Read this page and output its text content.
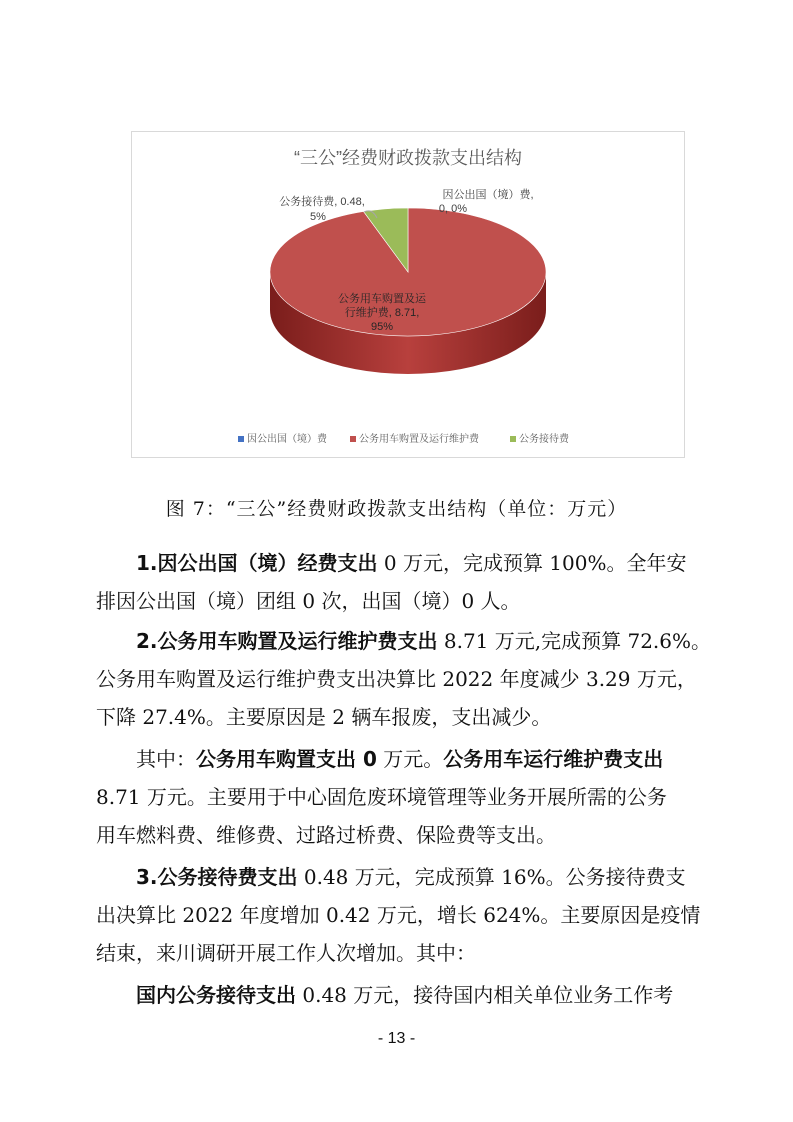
“三公”经费财政拨款支出结构
因公出国（境）费,
0, 0%
公务接待费, 0.48,
5%
公务用车购置及运
行维护费, 8.71,
95%
因公出国（境）费	公务用车购置及运行维护费	公务接待费
图 7：“三公”经费财政拨款支出结构（单位：万元）
1.因公出国（境）经费支出 0 万元，完成预算 100%。全年安
排因公出国（境）团组 0 次，出国（境）0 人。
2.公务用车购置及运行维护费支出 8.71 万元,完成预算 72.6%。
公务用车购置及运行维护费支出决算比 2022 年度减少 3.29 万元，
下降 27.4%。主要原因是 2 辆车报废，支出减少。
其中：公务用车购置支出 0 万元。公务用车运行维护费支出
8.71 万元。主要用于中心固危废环境管理等业务开展所需的公务
用车燃料费、维修费、过路过桥费、保险费等支出。
3.公务接待费支出 0.48 万元，完成预算 16%。公务接待费支
出决算比 2022 年度增加 0.42 万元，增长 624%。主要原因是疫情
结束，来川调研开展工作人次增加。其中：
国内公务接待支出 0.48 万元，接待国内相关单位业务工作考
- 13 -
